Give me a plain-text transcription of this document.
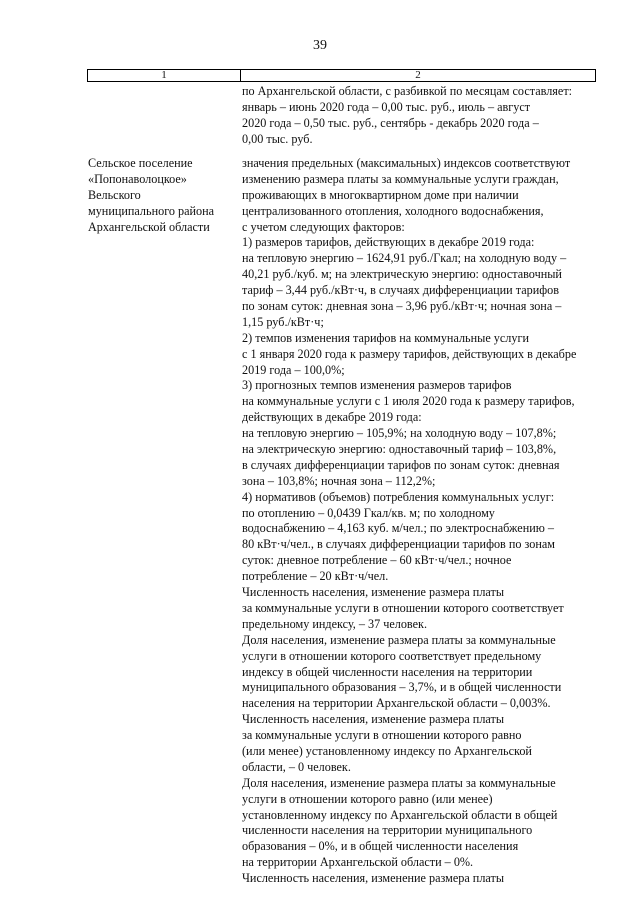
39
1	2
по Архангельской области, с разбивкой по месяцам составляет:
январь – июнь 2020 года – 0,00 тыс. руб., июль – август
2020 года – 0,50 тыс. руб., сентябрь - декабрь 2020 года –
0,00 тыс. руб.
Сельское поселение
«Попонаволоцкое»
Вельского
муниципального района
Архангельской области
значения предельных (максимальных) индексов соответствуют
изменению размера платы за коммунальные услуги граждан,
проживающих в многоквартирном доме при наличии
централизованного отопления, холодного водоснабжения,
с учетом следующих факторов:
1) размеров тарифов, действующих в декабре 2019 года:
на тепловую энергию – 1624,91 руб./Гкал; на холодную воду –
40,21 руб./куб. м; на электрическую энергию: одноставочный
тариф – 3,44 руб./кВт·ч, в случаях дифференциации тарифов
по зонам суток: дневная зона – 3,96 руб./кВт·ч; ночная зона –
1,15 руб./кВт·ч;
2) темпов изменения тарифов на коммунальные услуги
с 1 января 2020 года к размеру тарифов, действующих в декабре
2019 года – 100,0%;
3) прогнозных темпов изменения размеров тарифов
на коммунальные услуги с 1 июля 2020 года к размеру тарифов,
действующих в декабре 2019 года:
на тепловую энергию – 105,9%; на холодную воду – 107,8%;
на электрическую энергию: одноставочный тариф – 103,8%,
в случаях дифференциации тарифов по зонам суток: дневная
зона – 103,8%; ночная зона – 112,2%;
4) нормативов (объемов) потребления коммунальных услуг:
по отоплению – 0,0439 Гкал/кв. м; по холодному
водоснабжению – 4,163 куб. м/чел.; по электроснабжению –
80 кВт·ч/чел., в случаях дифференциации тарифов по зонам
суток: дневное потребление – 60 кВт·ч/чел.; ночное
потребление – 20 кВт·ч/чел.
Численность населения, изменение размера платы
за коммунальные услуги в отношении которого соответствует
предельному индексу, – 37 человек.
Доля населения, изменение размера платы за коммунальные
услуги в отношении которого соответствует предельному
индексу в общей численности населения на территории
муниципального образования – 3,7%, и в общей численности
населения на территории Архангельской области – 0,003%.
Численность населения, изменение размера платы
за коммунальные услуги в отношении которого равно
(или менее) установленному индексу по Архангельской
области, – 0 человек.
Доля населения, изменение размера платы за коммунальные
услуги в отношении которого равно (или менее)
установленному индексу по Архангельской области в общей
численности населения на территории муниципального
образования – 0%, и в общей численности населения
на территории Архангельской области – 0%.
Численность населения, изменение размера платы
